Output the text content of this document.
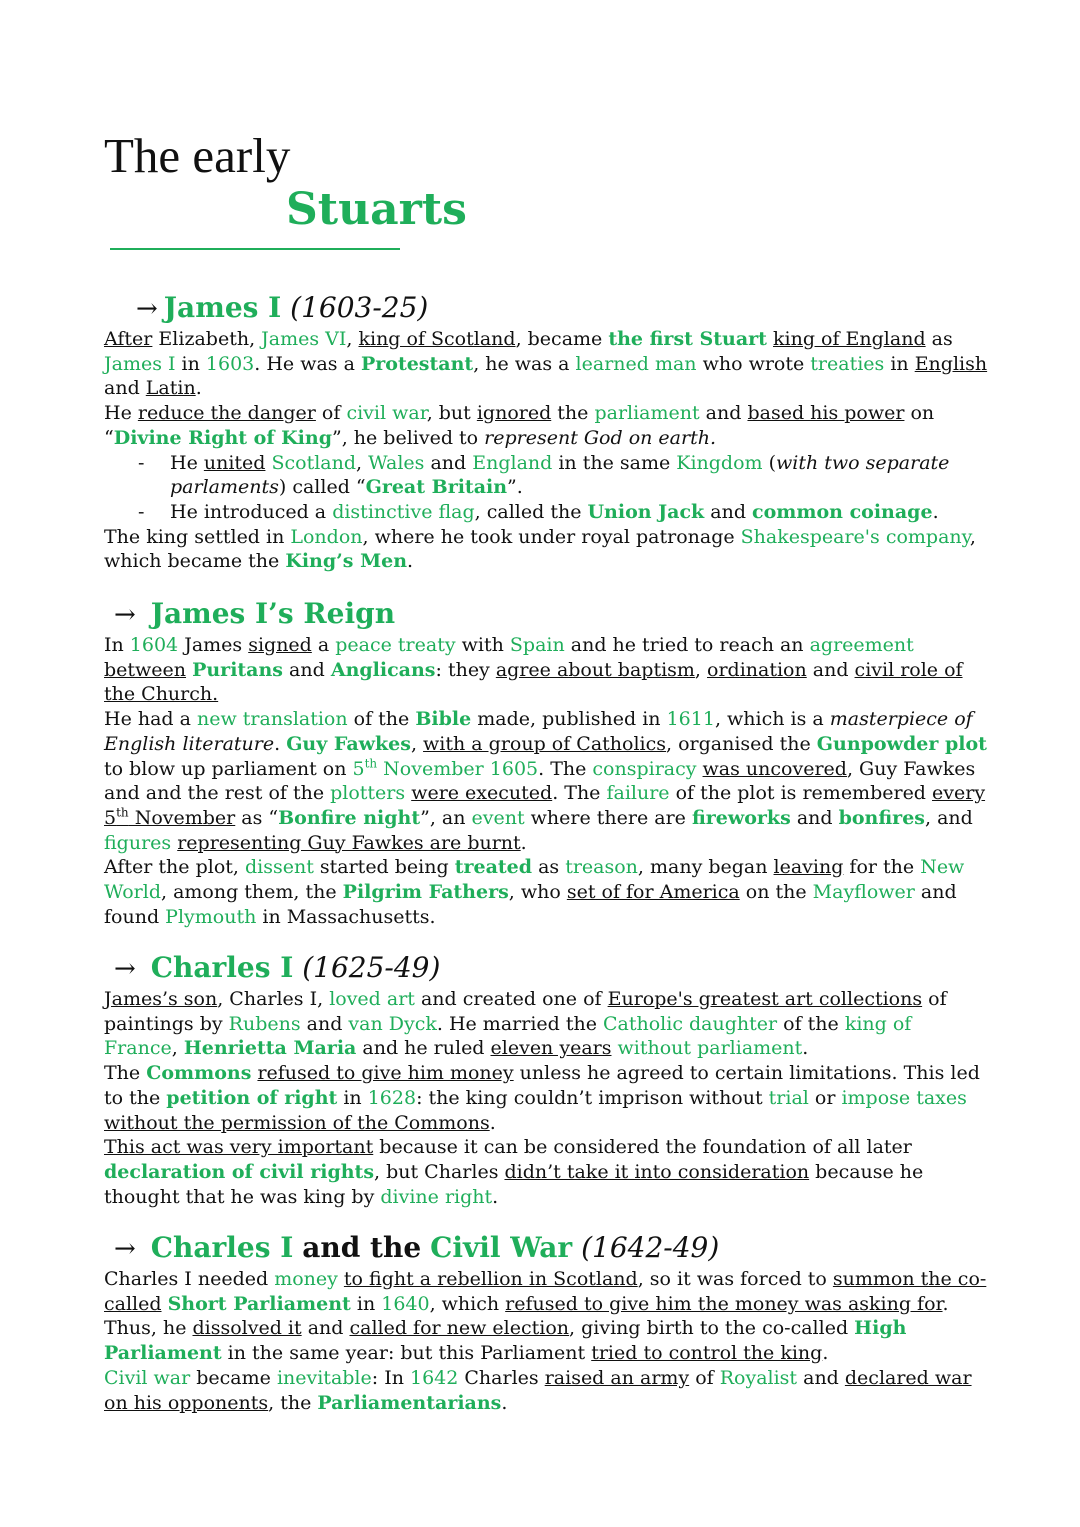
The early
Stuarts
→ James I (1603-25)

After Elizabeth, James VI, king of Scotland, became the first Stuart king of England as James I in 1603. He was a Protestant, he was a learned man who wrote treaties in English and Latin.

He reduce the danger of civil war, but ignored the parliament and based his power on “Divine Right of King”, he belived to represent God on earth.

- He united Scotland, Wales and England in the same Kingdom (with two separate parlaments) called “Great Britain”.

- He introduced a distinctive flag, called the Union Jack and common coinage.

The king settled in London, where he took under royal patronage Shakespeare's company, which became the King’s Men.

→ James I’s Reign

In 1604 James signed a peace treaty with Spain and he tried to reach an agreement between Puritans and Anglicans: they agree about baptism, ordination and civil role of the Church.

He had a new translation of the Bible made, published in 1611, which is a masterpiece of English literature. Guy Fawkes, with a group of Catholics, organised the Gunpowder plot to blow up parliament on 5th November 1605. The conspiracy was uncovered, Guy Fawkes and and the rest of the plotters were executed. The failure of the plot is remembered every 5th November as “Bonfire night”, an event where there are fireworks and bonfires, and figures representing Guy Fawkes are burnt.

After the plot, dissent started being treated as treason, many began leaving for the New World, among them, the Pilgrim Fathers, who set of for America on the Mayflower and found Plymouth in Massachusetts.

→ Charles I (1625-49)

James’s son, Charles I, loved art and created one of Europe's greatest art collections of paintings by Rubens and van Dyck. He married the Catholic daughter of the king of France, Henrietta Maria and he ruled eleven years without parliament.

The Commons refused to give him money unless he agreed to certain limitations. This led to the petition of right in 1628: the king couldn’t imprison without trial or impose taxes without the permission of the Commons.

This act was very important because it can be considered the foundation of all later declaration of civil rights, but Charles didn’t take it into consideration because he thought that he was king by divine right.

→ Charles I and the Civil War (1642-49)

Charles I needed money to fight a rebellion in Scotland, so it was forced to summon the co-called Short Parliament in 1640, which refused to give him the money was asking for. Thus, he dissolved it and called for new election, giving birth to the co-called High Parliament in the same year: but this Parliament tried to control the king.

Civil war became inevitable: In 1642 Charles raised an army of Royalist and declared war on his opponents, the Parliamentarians.
